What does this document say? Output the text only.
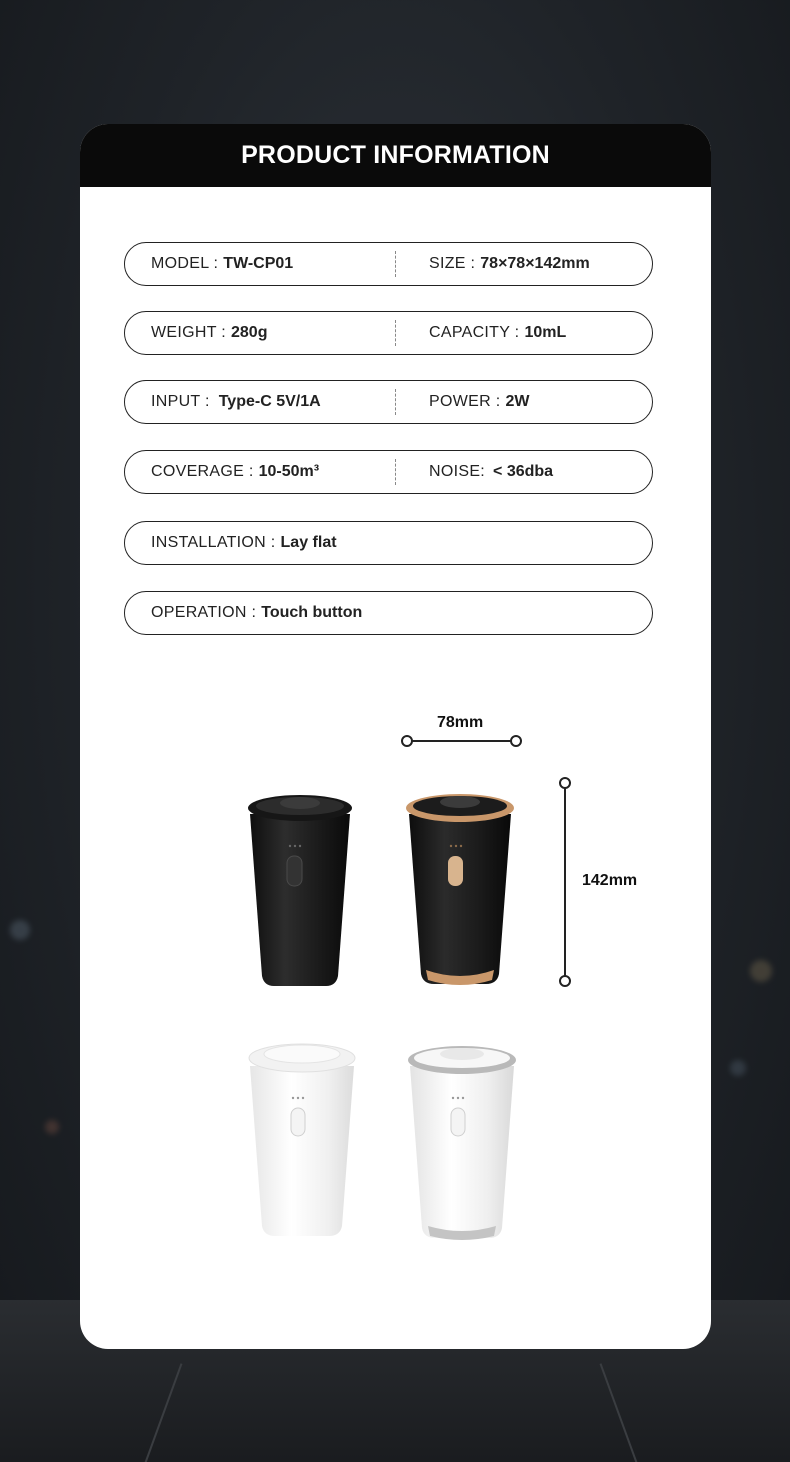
PRODUCT INFORMATION
MODEL : TW-CP01	SIZE : 78×78×142mm
WEIGHT : 280g	CAPACITY : 10mL
INPUT : Type-C 5V/1A	POWER : 2W
COVERAGE : 10-50m³	NOISE: < 36dba
INSTALLATION : Lay flat
OPERATION : Touch button
78mm
142mm
